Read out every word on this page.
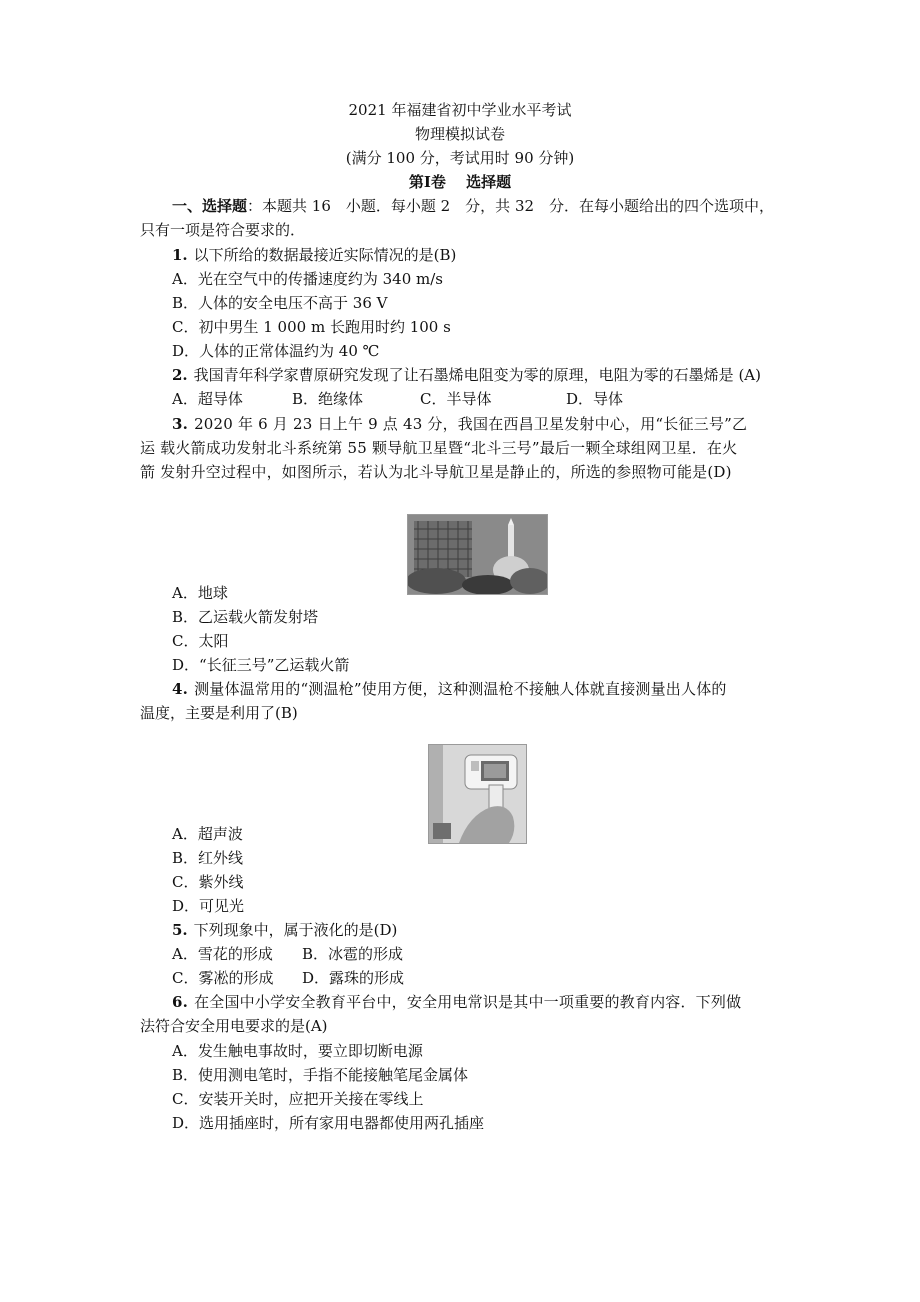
2021 年福建省初中学业水平考试
物理模拟试卷
(满分 100 分，考试用时 90 分钟)
第Ⅰ卷　 选择题
一、选择题：本题共 16　小题．每小题 2　分，共 32　分．在每小题给出的四个选项中，
只有一项是符合要求的．
1. 以下所给的数据最接近实际情况的是(B)
A．光在空气中的传播速度约为 340 m/s
B．人体的安全电压不高于 36 V
C．初中男生 1 000 m 长跑用时约 100 s
D．人体的正常体温约为 40 ℃
2. 我国青年科学家曹原研究发现了让石墨烯电阻变为零的原理，电阻为零的石墨烯是 (A)
A．超导体	B．绝缘体	C．半导体	D．导体
3. 2020 年 6 月 23 日上午 9 点 43 分，我国在西昌卫星发射中心，用“长征三号”乙
运 载火箭成功发射北斗系统第 55 颗导航卫星暨“北斗三号”最后一颗全球组网卫星．在火
箭 发射升空过程中，如图所示，若认为北斗导航卫星是静止的，所选的参照物可能是(D)
A．地球
B．乙运载火箭发射塔
C．太阳
D．“长征三号”乙运载火箭
4. 测量体温常用的“测温枪”使用方便，这种测温枪不接触人体就直接测量出人体的
温度，主要是利用了(B)
A．超声波
B．红外线
C．紫外线
D．可见光
5. 下列现象中，属于液化的是(D)
A．雪花的形成 B．冰雹的形成
C．雾凇的形成 D．露珠的形成
6. 在全国中小学安全教育平台中，安全用电常识是其中一项重要的教育内容．下列做
法符合安全用电要求的是(A)
A．发生触电事故时，要立即切断电源
B．使用测电笔时，手指不能接触笔尾金属体
C．安装开关时，应把开关接在零线上
D．选用插座时，所有家用电器都使用两孔插座
